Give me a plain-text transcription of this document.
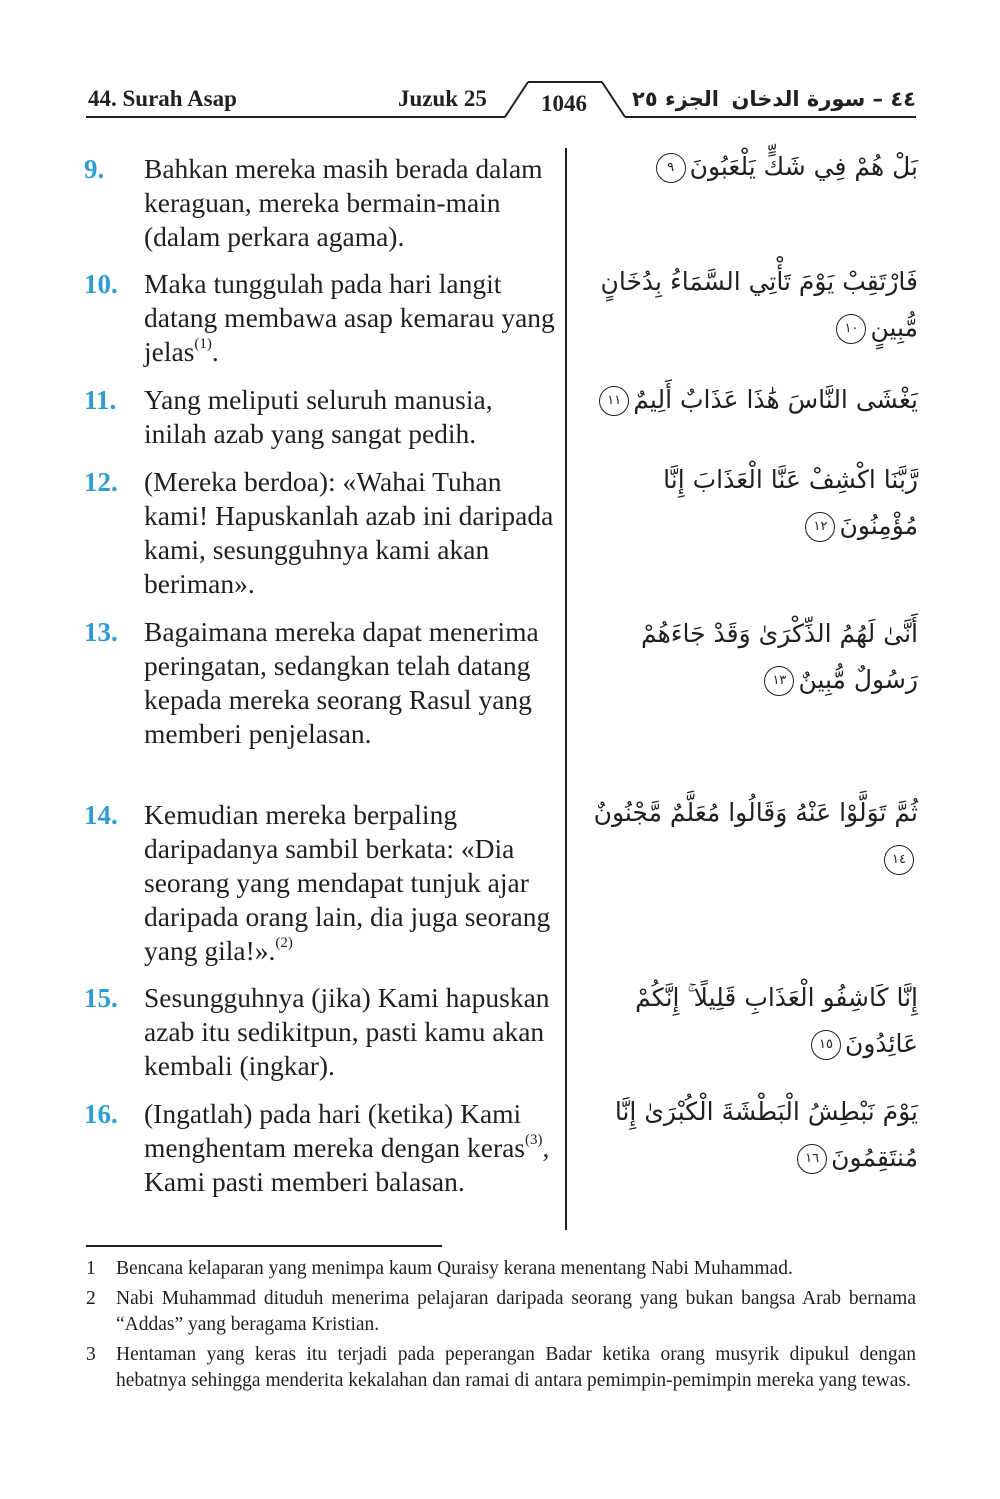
44. Surah Asap	Juzuk 25	1046	الجزء ٢٥ ٤٤ – سورة الدخان
9. Bahkan mereka masih berada dalam keraguan, mereka bermain-main (dalam perkara agama).
بَلْ هُمْ فِي شَكٍّ يَلْعَبُونَ٩
10. Maka tunggulah pada hari langit datang membawa asap kemarau yang jelas$^{(1)}$.
فَارْتَقِبْ يَوْمَ تَأْتِي السَّمَاءُ بِدُخَانٍ مُّبِينٍ١٠
11. Yang meliputi seluruh manusia, inilah azab yang sangat pedih.
يَغْشَى النَّاسَ هَٰذَا عَذَابٌ أَلِيمٌ١١
12. (Mereka berdoa): «Wahai Tuhan kami! Hapuskanlah azab ini daripada kami, sesungguhnya kami akan beriman».
رَّبَّنَا اكْشِفْ عَنَّا الْعَذَابَ إِنَّا مُؤْمِنُونَ١٢
13. Bagaimana mereka dapat menerima peringatan, sedangkan telah datang kepada mereka seorang Rasul yang memberi penjelasan.
أَنَّىٰ لَهُمُ الذِّكْرَىٰ وَقَدْ جَاءَهُمْ رَسُولٌ مُّبِينٌ١٣
14. Kemudian mereka berpaling daripadanya sambil berkata: «Dia seorang yang mendapat tunjuk ajar daripada orang lain, dia juga seorang yang gila!».$^{(2)}$
ثُمَّ تَوَلَّوْا عَنْهُ وَقَالُوا مُعَلَّمٌ مَّجْنُونٌ١٤
15. Sesungguhnya (jika) Kami hapuskan azab itu sedikitpun, pasti kamu akan kembali (ingkar).
إِنَّا كَاشِفُو الْعَذَابِ قَلِيلًا ۚ إِنَّكُمْ عَائِدُونَ١٥
16. (Ingatlah) pada hari (ketika) Kami menghentam mereka dengan keras$^{(3)}$, Kami pasti memberi balasan.
يَوْمَ نَبْطِشُ الْبَطْشَةَ الْكُبْرَىٰ إِنَّا مُنتَقِمُونَ١٦
1 Bencana kelaparan yang menimpa kaum Quraisy kerana menentang Nabi Muhammad.
2 Nabi Muhammad dituduh menerima pelajaran daripada seorang yang bukan bangsa Arab bernama “Addas” yang beragama Kristian.
3 Hentaman yang keras itu terjadi pada peperangan Badar ketika orang musyrik dipukul dengan hebatnya sehingga menderita kekalahan dan ramai di antara pemimpin-pemimpin mereka yang tewas.
